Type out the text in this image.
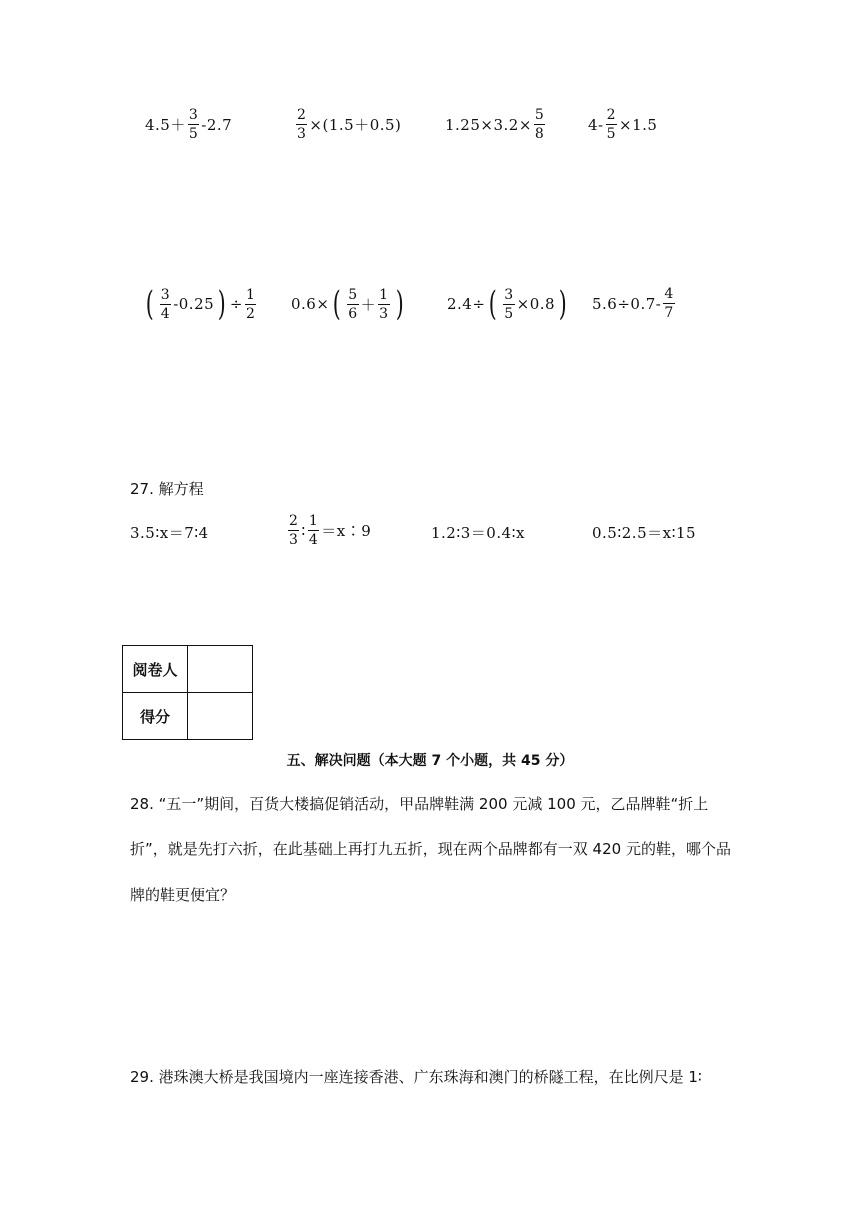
$4.5+ \frac{3}{5} -2.7$	$\frac{2}{3} \times(1.5+0.5)$	$1.25\times 3.2\times \frac{5}{8}$	$4- \frac{2}{5} \times 1.5$
( $\frac{3}{4} -0.25$ ) ÷ $\frac{1}{2} 0.6\times$ ( $\frac{5}{6} + \frac{1}{3}$ )	2.4÷ ( $\frac{3}{5} \times 0.8$ ) $5.6\div 0.7- \frac{4}{7}$
27. 解方程
3.5∶x＝7∶4	$\frac{2}{3}$ ∶ $\frac{1}{4}$ ＝x∶9	1.2∶3＝0.4∶x	0.5∶2.5＝x∶15
阅卷人	
得分	
五、解决问题（本大题 7 个小题，共 45 分）
28. “五一”期间，百货大楼搞促销活动，甲品牌鞋满 200 元减 100 元，乙品牌鞋“折上
折”，就是先打六折，在此基础上再打九五折，现在两个品牌都有一双 420 元的鞋，哪个品
牌的鞋更便宜？
29. 港珠澳大桥是我国境内一座连接香港、广东珠海和澳门的桥隧工程，在比例尺是 1∶
